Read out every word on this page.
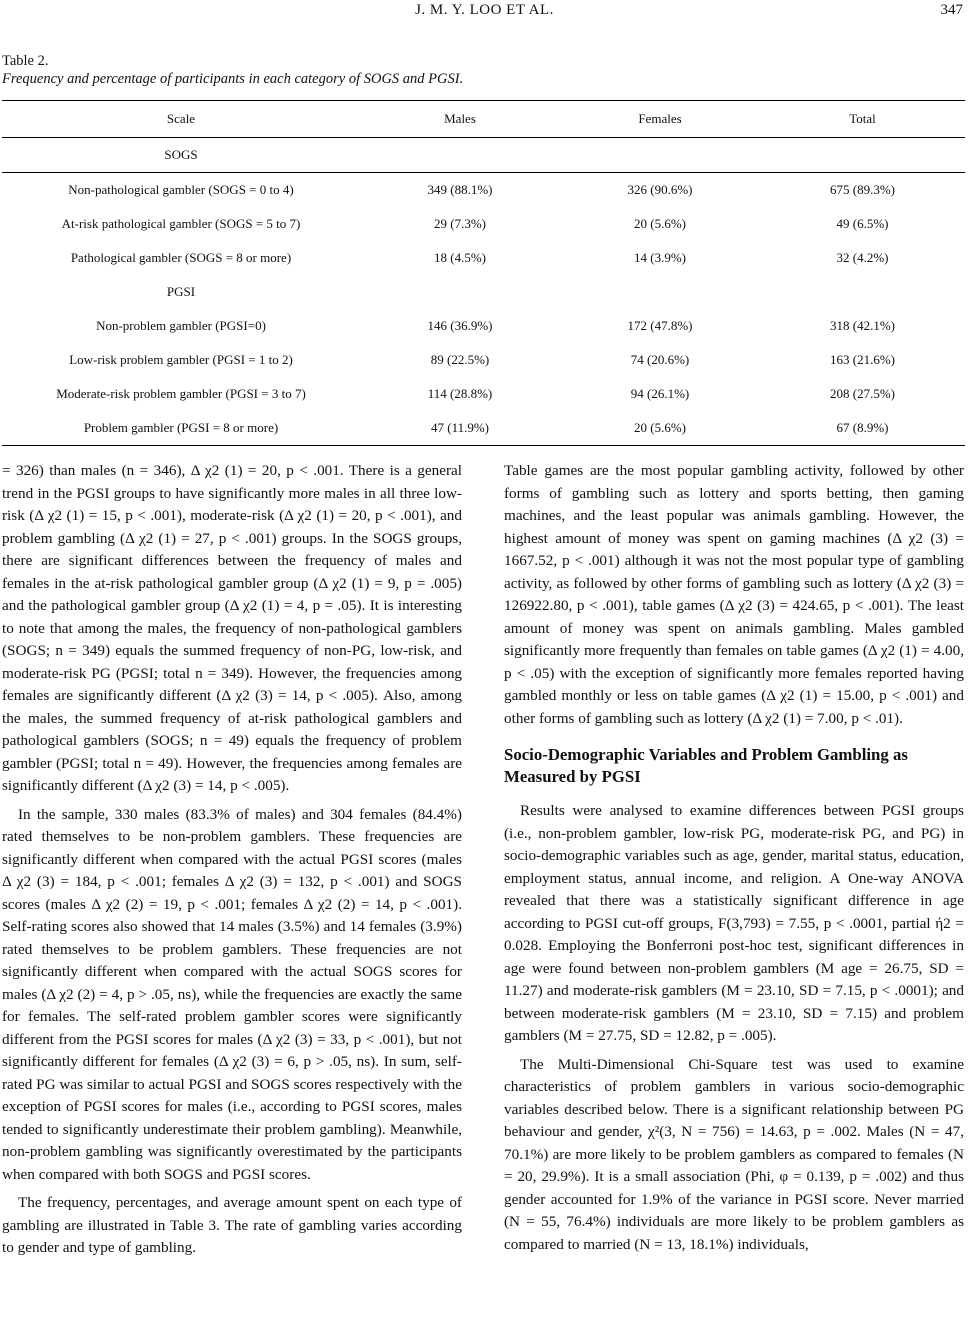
J. M. Y. LOO ET AL.	347
Table 2.
Frequency and percentage of participants in each category of SOGS and PGSI.
Scale	Males	Females	Total
SOGS			
Non-pathological gambler (SOGS = 0 to 4)	349 (88.1%)	326 (90.6%)	675 (89.3%)
At-risk pathological gambler (SOGS = 5 to 7)	29 (7.3%)	20 (5.6%)	49 (6.5%)
Pathological gambler (SOGS = 8 or more)	18 (4.5%)	14 (3.9%)	32 (4.2%)
PGSI			
Non-problem gambler (PGSI=0)	146 (36.9%)	172 (47.8%)	318 (42.1%)
Low-risk problem gambler (PGSI = 1 to 2)	89 (22.5%)	74 (20.6%)	163 (21.6%)
Moderate-risk problem gambler (PGSI = 3 to 7)	114 (28.8%)	94 (26.1%)	208 (27.5%)
Problem gambler (PGSI = 8 or more)	47 (11.9%)	20 (5.6%)	67 (8.9%)

= 326) than males (n = 346), Δ χ2 (1) = 20, p < .001. There is a general trend in the PGSI groups to have significantly more males in all three low-risk (Δ χ2 (1) = 15, p < .001), moderate-risk (Δ χ2 (1) = 20, p < .001), and problem gambling (Δ χ2 (1) = 27, p < .001) groups. In the SOGS groups, there are significant differences between the frequency of males and females in the at-risk pathological gambler group (Δ χ2 (1) = 9, p = .005) and the pathological gambler group (Δ χ2 (1) = 4, p = .05). It is interesting to note that among the males, the frequency of non-pathological gamblers (SOGS; n = 349) equals the summed frequency of non-PG, low-risk, and moderate-risk PG (PGSI; total n = 349). However, the frequencies among females are significantly different (Δ χ2 (3) = 14, p < .005). Also, among the males, the summed frequency of at-risk pathological gamblers and pathological gamblers (SOGS; n = 49) equals the frequency of problem gambler (PGSI; total n = 49). However, the frequencies among females are significantly different (Δ χ2 (3) = 14, p < .005).

In the sample, 330 males (83.3% of males) and 304 females (84.4%) rated themselves to be non-problem gamblers. These frequencies are significantly different when compared with the actual PGSI scores (males Δ χ2 (3) = 184, p < .001; females Δ χ2 (3) = 132, p < .001) and SOGS scores (males Δ χ2 (2) = 19, p < .001; females Δ χ2 (2) = 14, p < .001). Self-rating scores also showed that 14 males (3.5%) and 14 females (3.9%) rated themselves to be problem gamblers. These frequencies are not significantly different when compared with the actual SOGS scores for males (Δ χ2 (2) = 4, p > .05, ns), while the frequencies are exactly the same for females. The self-rated problem gambler scores were significantly different from the PGSI scores for males (Δ χ2 (3) = 33, p < .001), but not significantly different for females (Δ χ2 (3) = 6, p > .05, ns). In sum, self-rated PG was similar to actual PGSI and SOGS scores respectively with the exception of PGSI scores for males (i.e., according to PGSI scores, males tended to significantly underestimate their problem gambling). Meanwhile, non-problem gambling was significantly overestimated by the participants when compared with both SOGS and PGSI scores.

The frequency, percentages, and average amount spent on each type of gambling are illustrated in Table 3. The rate of gambling varies according to gender and type of gambling.

Table games are the most popular gambling activity, followed by other forms of gambling such as lottery and sports betting, then gaming machines, and the least popular was animals gambling. However, the highest amount of money was spent on gaming machines (Δ χ2 (3) = 1667.52, p < .001) although it was not the most popular type of gambling activity, as followed by other forms of gambling such as lottery (Δ χ2 (3) = 126922.80, p < .001), table games (Δ χ2 (3) = 424.65, p < .001). The least amount of money was spent on animals gambling. Males gambled significantly more frequently than females on table games (Δ χ2 (1) = 4.00, p < .05) with the exception of significantly more females reported having gambled monthly or less on table games (Δ χ2 (1) = 15.00, p < .001) and other forms of gambling such as lottery (Δ χ2 (1) = 7.00, p < .01).

Socio-Demographic Variables and Problem Gambling as Measured by PGSI

Results were analysed to examine differences between PGSI groups (i.e., non-problem gambler, low-risk PG, moderate-risk PG, and PG) in socio-demographic variables such as age, gender, marital status, education, employment status, annual income, and religion. A One-way ANOVA revealed that there was a statistically significant difference in age according to PGSI cut-off groups, F(3,793) = 7.55, p < .0001, partial ή2 = 0.028. Employing the Bonferroni post-hoc test, significant differences in age were found between non-problem gamblers (M age = 26.75, SD = 11.27) and moderate-risk gamblers (M = 23.10, SD = 7.15, p < .0001); and between moderate-risk gamblers (M = 23.10, SD = 7.15) and problem gamblers (M = 27.75, SD = 12.82, p = .005).

The Multi-Dimensional Chi-Square test was used to examine characteristics of problem gamblers in various socio-demographic variables described below. There is a significant relationship between PG behaviour and gender, χ²(3, N = 756) = 14.63, p = .002. Males (N = 47, 70.1%) are more likely to be problem gamblers as compared to females (N = 20, 29.9%). It is a small association (Phi, φ = 0.139, p = .002) and thus gender accounted for 1.9% of the variance in PGSI score. Never married (N = 55, 76.4%) individuals are more likely to be problem gamblers as compared to married (N = 13, 18.1%) individuals,
